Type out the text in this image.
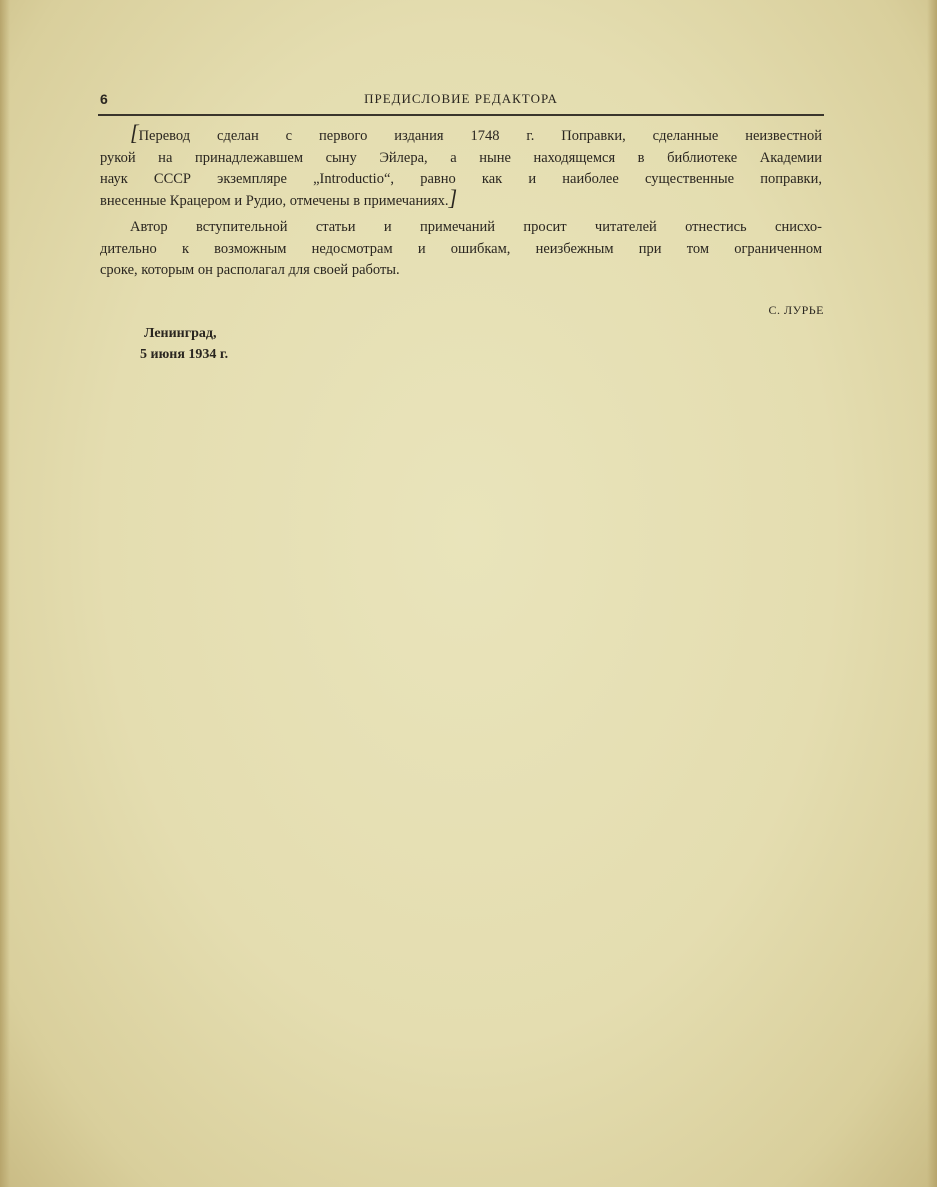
6	ПРЕДИСЛОВИЕ РЕДАКТОРА
[Перевод сделан с первого издания 1748 г. Поправки, сделанные неизвестной
рукой на принадлежавшем сыну Эйлера, а ныне находящемся в библиотеке Академии
наук СССР экземпляре „Introductio“, равно как и наиболее существенные поправки,
внесенные Крацером и Рудио, отмечены в примечаниях.]
Автор вступительной статьи и примечаний просит читателей отнестись снисхо-
дительно к возможным недосмотрам и ошибкам, неизбежным при том ограниченном
сроке, которым он располагал для своей работы.
С. ЛУРЬЕ
Ленинград,
5 июня 1934 г.
